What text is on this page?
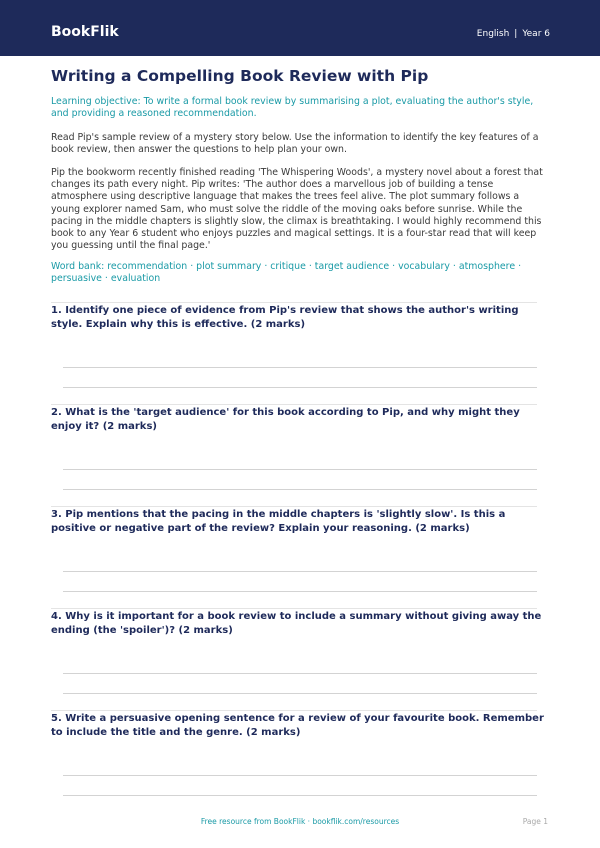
BookFlik	English | Year 6
Writing a Compelling Book Review with Pip

Learning objective: To write a formal book review by summarising a plot, evaluating the author's style, and providing a reasoned recommendation.

Read Pip's sample review of a mystery story below. Use the information to identify the key features of a book review, then answer the questions to help plan your own.

Pip the bookworm recently finished reading 'The Whispering Woods', a mystery novel about a forest that changes its path every night. Pip writes: 'The author does a marvellous job of building a tense atmosphere using descriptive language that makes the trees feel alive. The plot summary follows a young explorer named Sam, who must solve the riddle of the moving oaks before sunrise. While the pacing in the middle chapters is slightly slow, the climax is breathtaking. I would highly recommend this book to any Year 6 student who enjoys puzzles and magical settings. It is a four-star read that will keep you guessing until the final page.'

Word bank: recommendation · plot summary · critique · target audience · vocabulary · atmosphere · persuasive · evaluation

1. Identify one piece of evidence from Pip's review that shows the author's writing style. Explain why this is effective. (2 marks)

2. What is the 'target audience' for this book according to Pip, and why might they enjoy it? (2 marks)

3. Pip mentions that the pacing in the middle chapters is 'slightly slow'. Is this a positive or negative part of the review? Explain your reasoning. (2 marks)

4. Why is it important for a book review to include a summary without giving away the ending (the 'spoiler')? (2 marks)

5. Write a persuasive opening sentence for a review of your favourite book. Remember to include the title and the genre. (2 marks)

Free resource from BookFlik · bookflik.com/resources	Page 1
